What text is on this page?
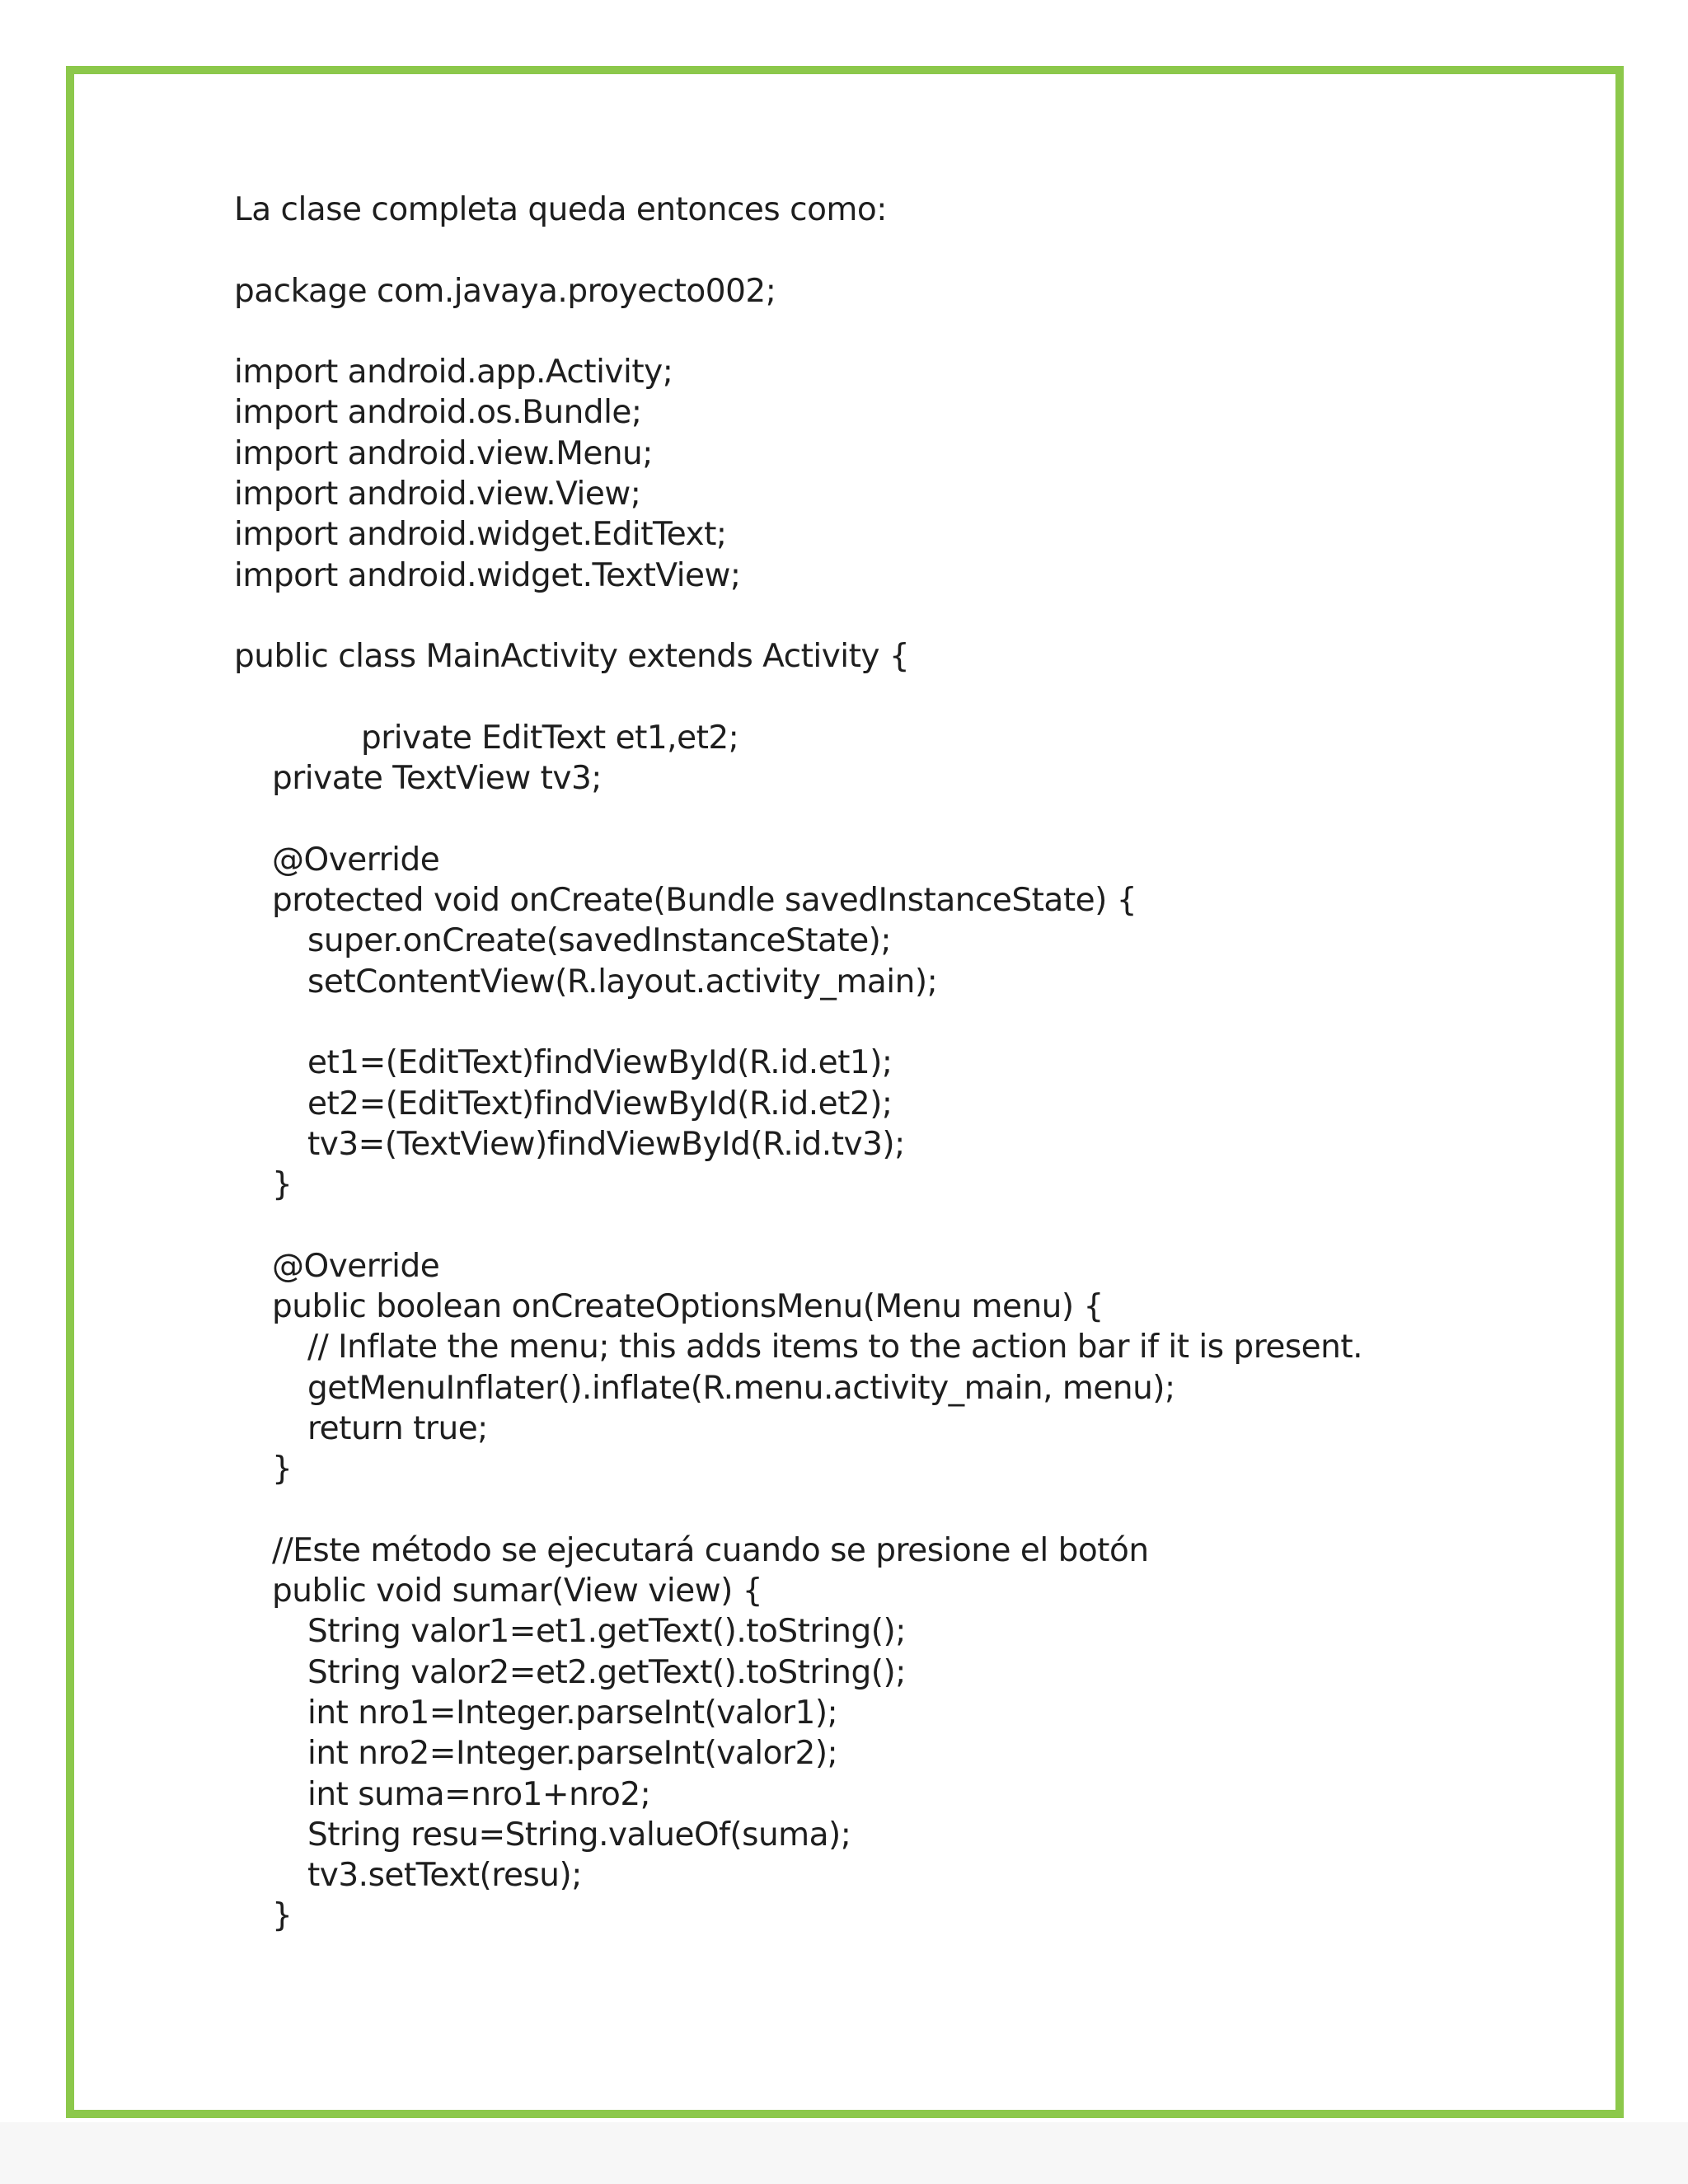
La clase completa queda entonces como:
package com.javaya.proyecto002;
import android.app.Activity;
import android.os.Bundle;
import android.view.Menu;
import android.view.View;
import android.widget.EditText;
import android.widget.TextView;
public class MainActivity extends Activity {
private EditText et1,et2;
private TextView tv3;
@Override
protected void onCreate(Bundle savedInstanceState) {
super.onCreate(savedInstanceState);
setContentView(R.layout.activity_main);
et1=(EditText)findViewById(R.id.et1);
et2=(EditText)findViewById(R.id.et2);
tv3=(TextView)findViewById(R.id.tv3);
}
@Override
public boolean onCreateOptionsMenu(Menu menu) {
// Inflate the menu; this adds items to the action bar if it is present.
getMenuInflater().inflate(R.menu.activity_main, menu);
return true;
}
//Este método se ejecutará cuando se presione el botón
public void sumar(View view) {
String valor1=et1.getText().toString();
String valor2=et2.getText().toString();
int nro1=Integer.parseInt(valor1);
int nro2=Integer.parseInt(valor2);
int suma=nro1+nro2;
String resu=String.valueOf(suma);
tv3.setText(resu);
}
